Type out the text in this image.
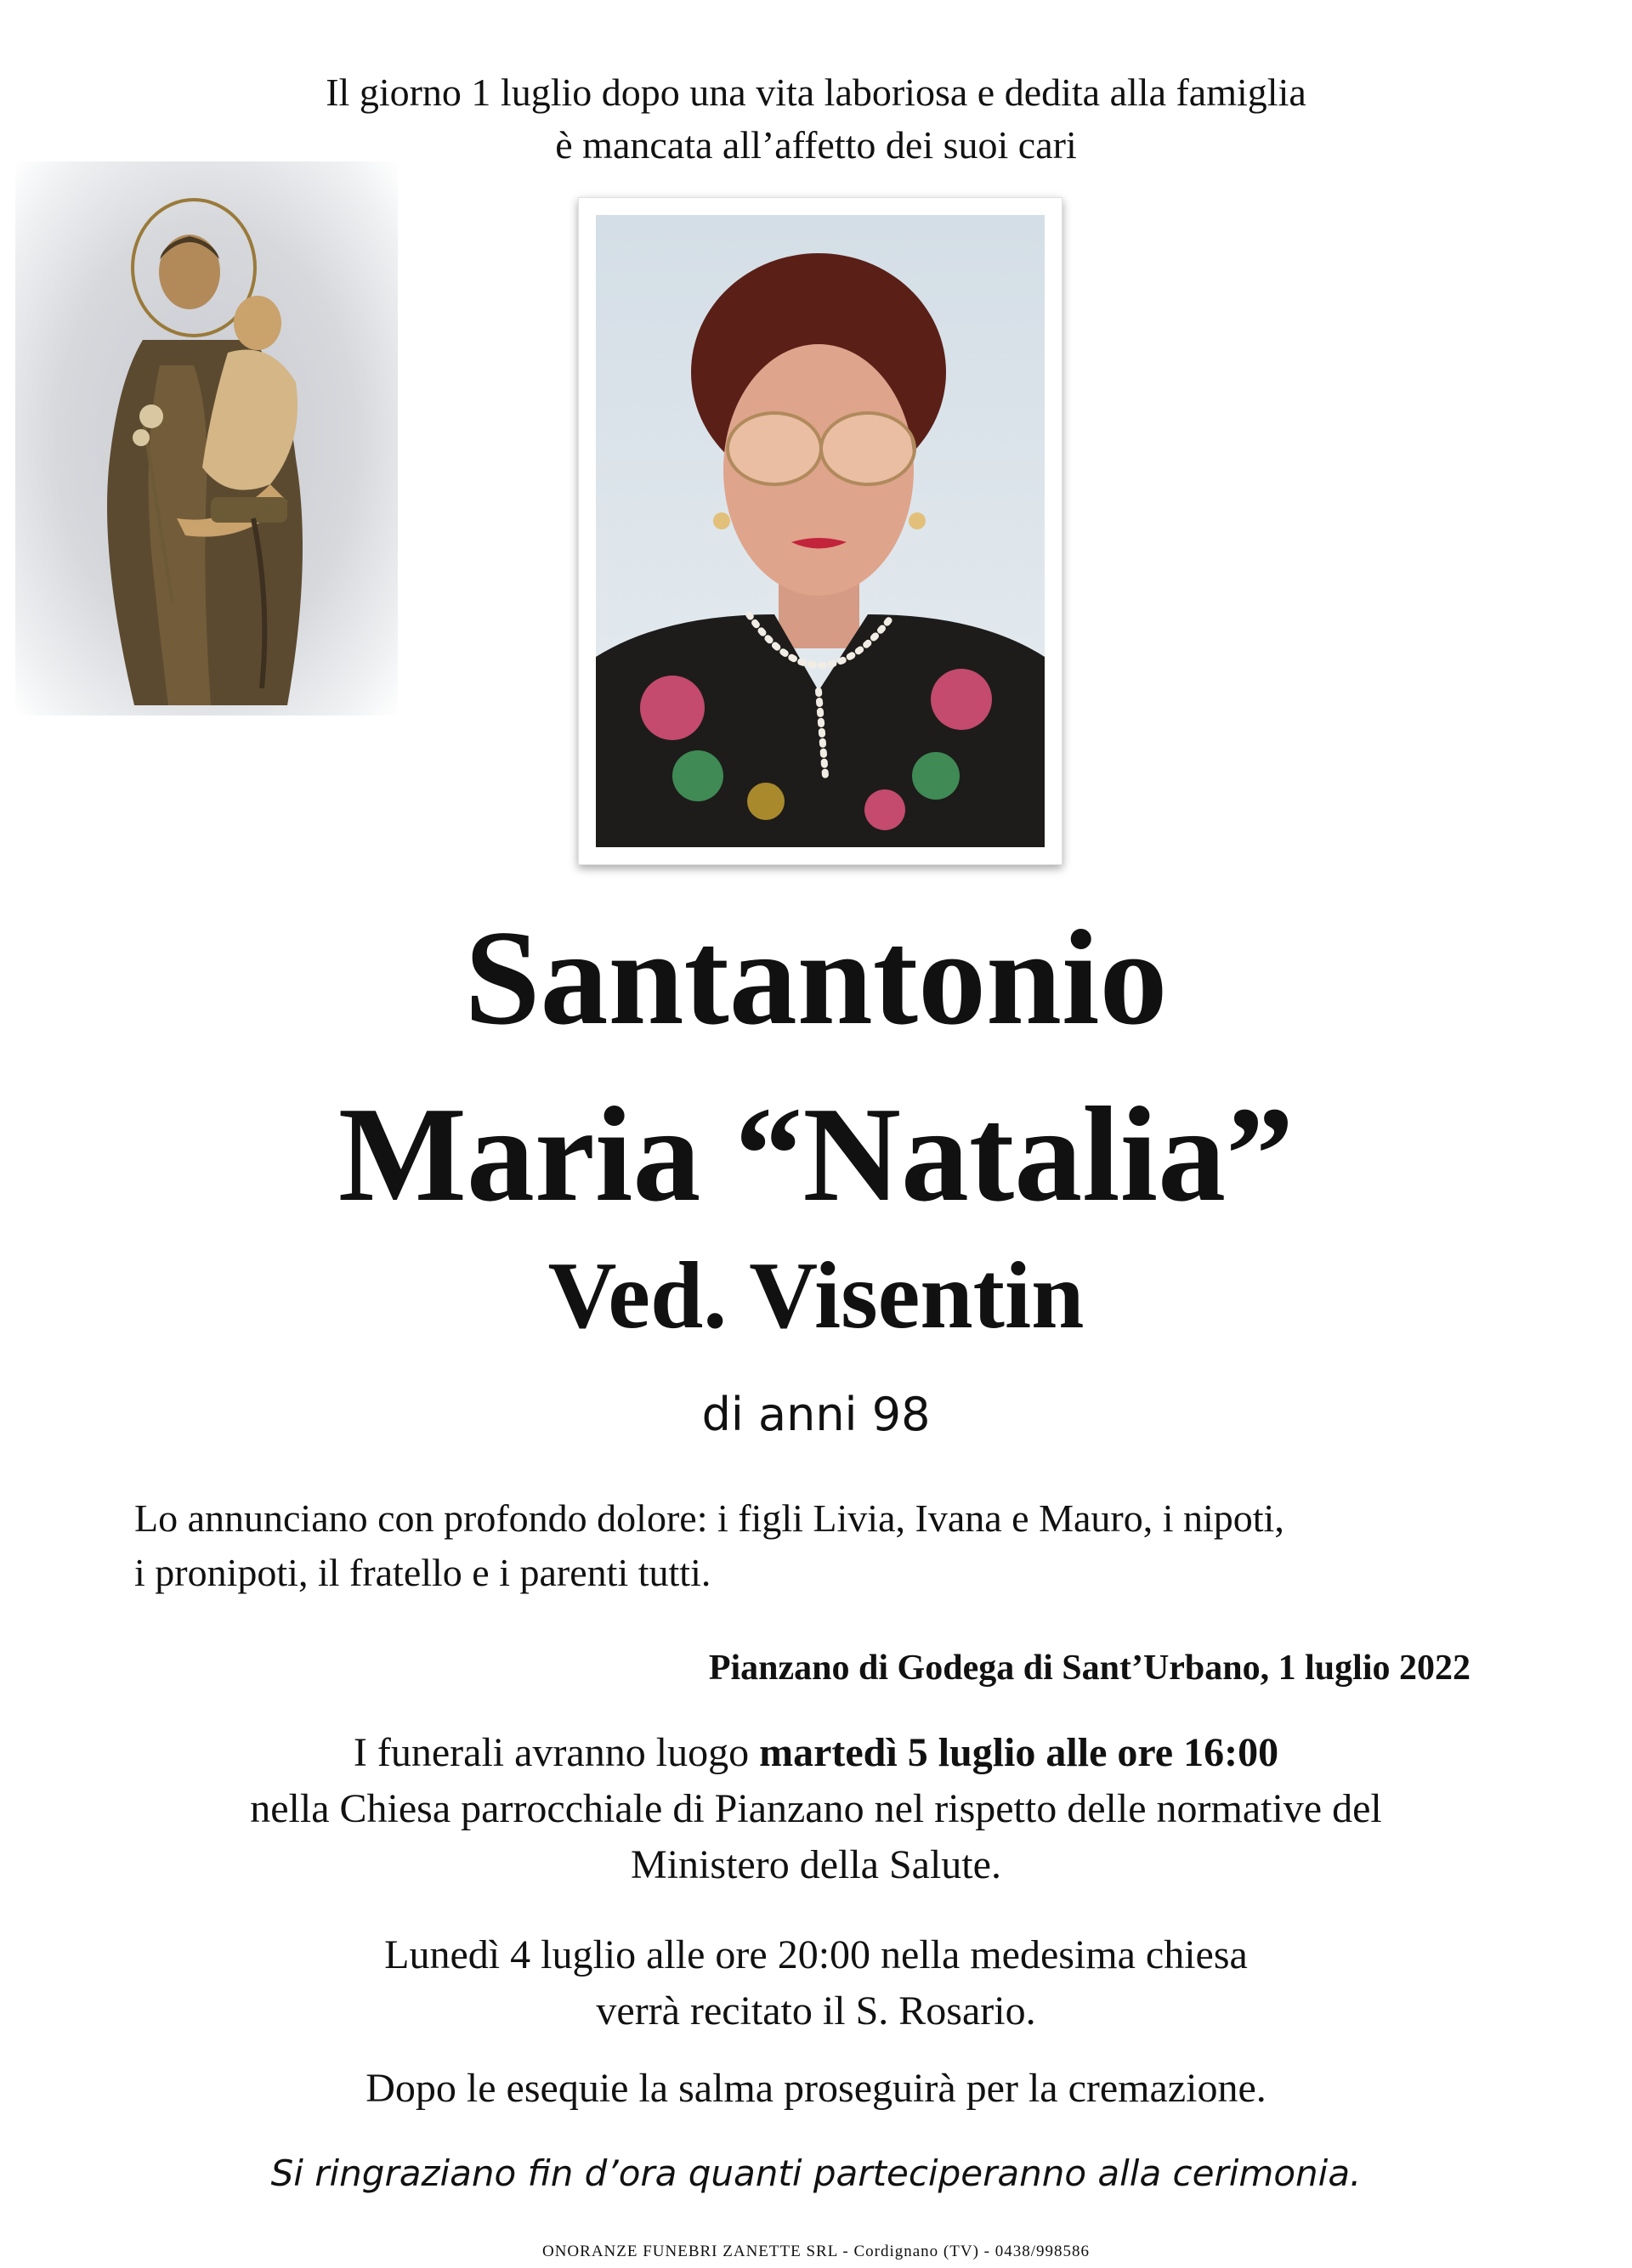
Il giorno 1 luglio dopo una vita laboriosa e dedita alla famiglia
è mancata all’affetto dei suoi cari
Santantonio
Maria “Natalia”
Ved. Visentin
di anni 98
Lo annunciano con profondo dolore: i figli Livia, Ivana e Mauro, i nipoti,
i pronipoti, il fratello e i parenti tutti.
Pianzano di Godega di Sant’Urbano, 1 luglio 2022
I funerali avranno luogo martedì 5 luglio alle ore 16:00
nella Chiesa parrocchiale di Pianzano nel rispetto delle normative del
Ministero della Salute.
Lunedì 4 luglio alle ore 20:00 nella medesima chiesa
verrà recitato il S. Rosario.
Dopo le esequie la salma proseguirà per la cremazione.
Si ringraziano fin d’ora quanti parteciperanno alla cerimonia.
ONORANZE FUNEBRI ZANETTE SRL - Cordignano (TV) - 0438/998586
